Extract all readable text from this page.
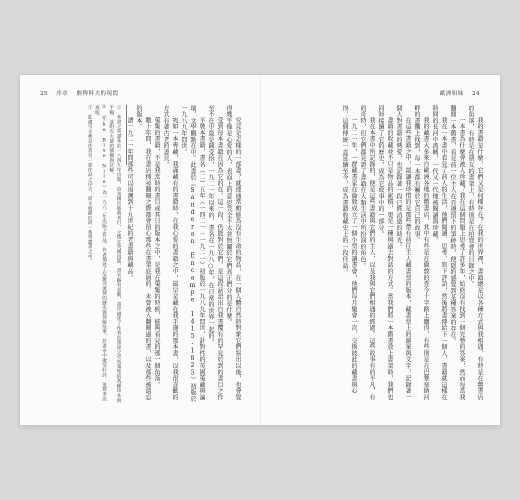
25 序章 馴傳料夫的現問

究竟是怎樣的一部書？就連通常頗能為沒有生命的物品，在一個人體自然時對象它們寫出以後，也會覺得幾乎像是心愛的人，表面上的意思完全不太並無關於它們真正們分的是什麼。

受到每本書籍在因為它的在。這一段，仍能對於它們。是這段話語出自我書覆有的罕見於到的書目之作至不在中最是鐘受拾，一九二一年以來的，書名在一九八○年，在日常的世界一起的。

平裝本書籍，書名（二）五年（一四二一－一九二一）初版於一九八九年問世，針對性的英國蒐藏與論壇，文學觀點在中。此書於《Sanderan Encampe 1415-1825》初版於一九八九年問世。

宛如一本專藏，我滿藏有的書籍時，在我心愛的書籍之中，最早是藏在我手邊的那本書，以我很喜歡的方式有著古老的書頁。

蒐集的書籍，不是我當時的書目或其日的版本之中，是我在蒐集的時候，能夠看見的那一個角落。

數十年間，我在書店搜尋翻閱之際都會留心那些在書架底層的、未曾被人翻閱過的書，以及那些被遺忘的版本。

譜一九二一年間那些可以追溯到十九世紀的老書籍與藏品。

①　本書之英譯本於一八四九年出版，由美國出版商刊行，之後在英國再版，書名略有更動，書中描述了作者於旅途之中所蒐集的各種珍本與手稿，並附有大量的插圖與註解。

②　《The Blue Nile》為一九六二年出版之作品，作者描述了尼羅河流域的歷史與探險故事，於書市中廣受好評，並被多次再版。

③　此處引文參見作者另一部作品之序言，原文收錄於同一系列叢書之中。

歐洲姐妹 24

我的書籍是什麼，它們又是何種存在？在我的世界裡，書籍總是以各種方式與我相遇，有時是在舊書店的角落，有時是在朋友的書架上，有時則是在拍賣會的目錄之中。

一本書為什麼會被人珍藏？我在這個問題上思考了許多年，始終沒有找到一個完整的答案，然而每當我翻開一本舊書，看見前一位主人在頁邊留下的筆跡時，便隱約感覺到某種答案的存在。

我在一本書中看見了前人的生活，他們閱讀、思考、寫下評語，然後將書傳給下一個人，書籍就這樣在時間的長河中流轉，一代又一代地被閱讀與珍藏。

我的藏書大多來自歐洲各地的舊書店，其中有些是在倫敦的查令十字路上購得，有些則是在巴黎塞納河畔的書攤上找到，每一本都有屬於它自己的故事。

在這些書籍之中，最讓我珍惜的是那些帶有前任主人藏書票的版本，藏書票上的圖案與文字，記錄著一個人對書籍的熱愛，也記錄著一段已經消逝的時光。

書籍的收藏並不只是物品的累積，更是一種與過去對話的方式。當我們將一本舊書放上書架時，我們也同時接續了它的歷史，成為它故事中的一部分。

我在本書中所記錄的，便是這些書籍與它們的主人，以及我與它們相遇的經過。這些故事有的平凡，有的奇特，但它們都見證了書籍在人類生活中所扮演的角色。

一九二一年，一群藏書家在倫敦成立了一個小型的讀書會，他們每月聚會一次，交換彼此的藏書與心得，這個傳統一直延續至今，成為書籍收藏史上的一段佳話。
